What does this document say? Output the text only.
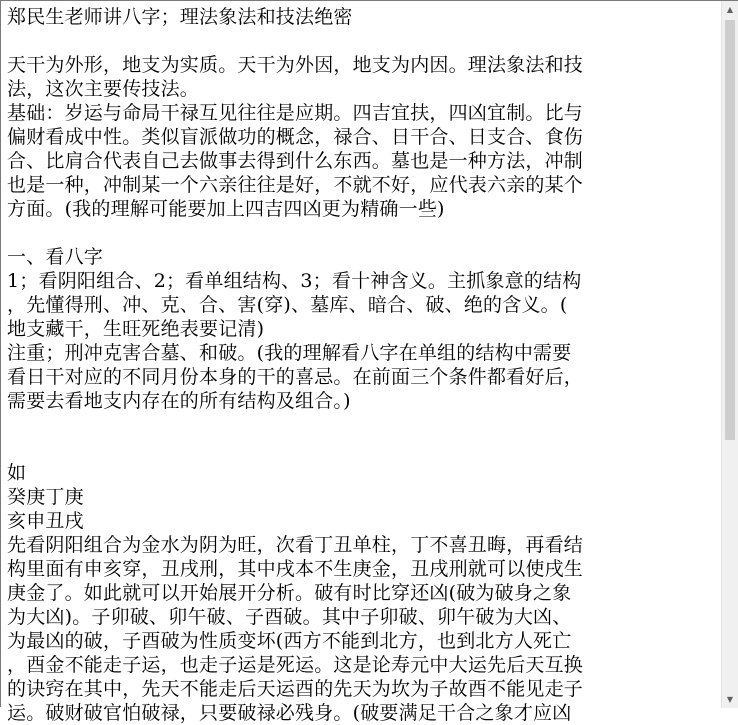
郑民生老师讲八字；理法象法和技法绝密
天干为外形，地支为实质。天干为外因，地支为内因。理法象法和技
法，这次主要传技法。
基础：岁运与命局干禄互见往往是应期。四吉宜扶，四凶宜制。比与
偏财看成中性。类似盲派做功的概念，禄合、日干合、日支合、食伤
合、比肩合代表自己去做事去得到什么东西。墓也是一种方法，冲制
也是一种，冲制某一个六亲往往是好，不就不好，应代表六亲的某个
方面。(我的理解可能要加上四吉四凶更为精确一些)
一、看八字
1；看阴阳组合、2；看单组结构、3；看十神含义。主抓象意的结构
，先懂得刑、冲、克、合、害(穿)、墓库、暗合、破、绝的含义。(
地支藏干，生旺死绝表要记清)
注重；刑冲克害合墓、和破。(我的理解看八字在单组的结构中需要
看日干对应的不同月份本身的干的喜忌。在前面三个条件都看好后，
需要去看地支内存在的所有结构及组合。)
如
癸庚丁庚
亥申丑戌
先看阴阳组合为金水为阴为旺，次看丁丑单柱，丁不喜丑晦，再看结
构里面有申亥穿，丑戌刑，其中戌本不生庚金，丑戌刑就可以使戌生
庚金了。如此就可以开始展开分析。破有时比穿还凶(破为破身之象
为大凶)。子卯破、卯午破、子酉破。其中子卯破、卯午破为大凶、
为最凶的破，子酉破为性质变坏(西方不能到北方，也到北方人死亡
，酉金不能走子运，也走子运是死运。这是论寿元中大运先后天互换
的诀窍在其中，先天不能走后天运酉的先天为坎为子故酉不能见走子
运。破财破官怕破禄，只要破禄必残身。(破要满足干合之象才应凶
▲
▼
